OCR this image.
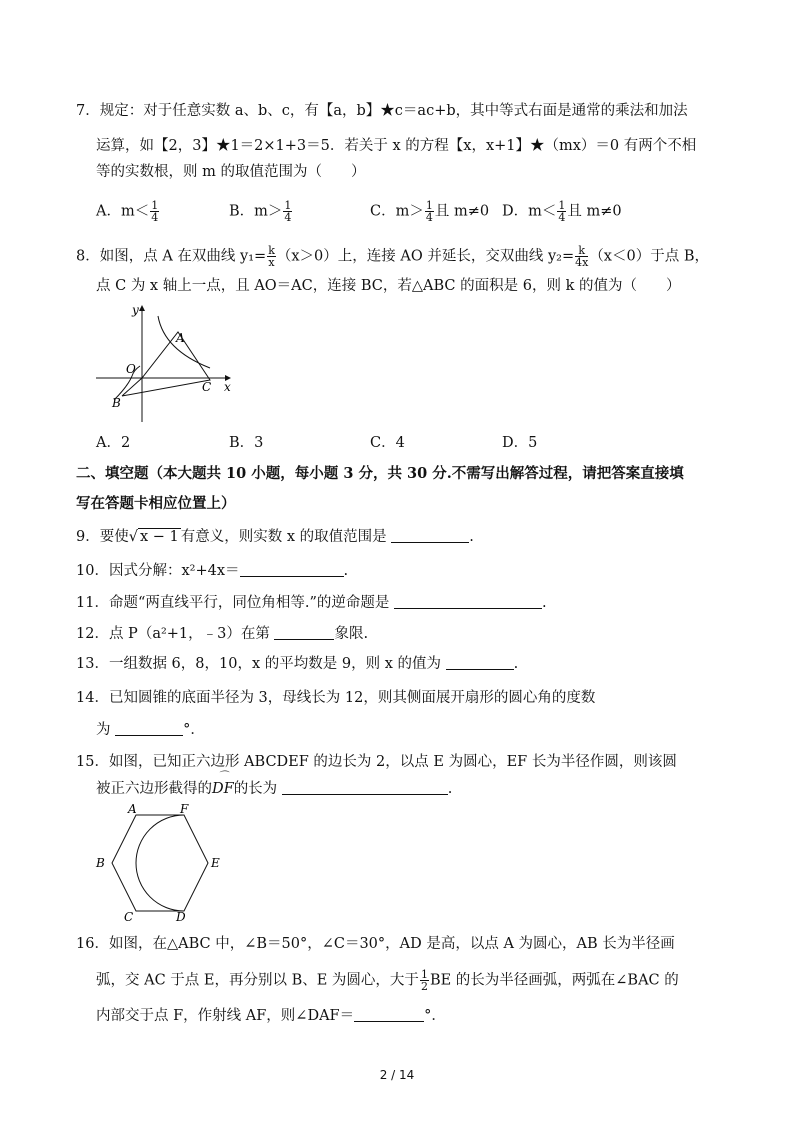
7．规定：对于任意实数 a、b、c，有【a，b】★c＝ac+b，其中等式右面是通常的乘法和加法
运算，如【2，3】★1＝2×1+3＝5．若关于 x 的方程【x，x+1】★（mx）＝0 有两个不相
等的实数根，则 m 的取值范围为（　　）
A．$m< \frac{1}{4}$	B．$m> \frac{1}{4}$	C．$m> \frac{1}{4}$ 且 m≠0 D．$m< \frac{1}{4}$ 且 m≠0
8．如图，点 A 在双曲线 $y_1= \frac{k}{x} (x>0)$上，连接 AO 并延长，交双曲线 $y_2= \frac{k}{4x} (x<0)$于点 B，
点 C 为 x 轴上一点，且 AO＝AC，连接 BC，若△ABC 的面积是 6，则 k 的值为（　　）
y
x
O
A
C
B
A．2	B．3	C．4	D．5
二、填空题（本大题共 10 小题，每小题 3 分，共 30 分.不需写出解答过程，请把答案直接填
写在答题卡相应位置上）
9．要使√ x − 1 有意义，则实数 x 的取值范围是	.
10．因式分解：x²+4x＝	.
11．命题“两直线平行，同位角相等.”的逆命题是	.
12．点 P（a²+1，﹣3）在第	象限.
13．一组数据 6，8，10，x 的平均数是 9，则 x 的值为	.
14．已知圆锥的底面半径为 3，母线长为 12，则其侧面展开扇形的圆心角的度数
为	°．
15．如图，已知正六边形 ABCDEF 的边长为 2，以点 E 为圆心，EF 长为半径作圆，则该圆
被正六边形截得的
⌒
DF的长为	.
A	F
B	E
C	D
16．如图，在△ABC 中，∠B＝50°，∠C＝30°，AD 是高，以点 A 为圆心，AB 长为半径画
弧，交 AC 于点 E，再分别以 B、E 为圆心，大于 $\frac{1}{2}$ BE 的长为半径画弧，两弧在∠BAC 的
内部交于点 F，作射线 AF，则∠DAF＝	°．
2 / 14
